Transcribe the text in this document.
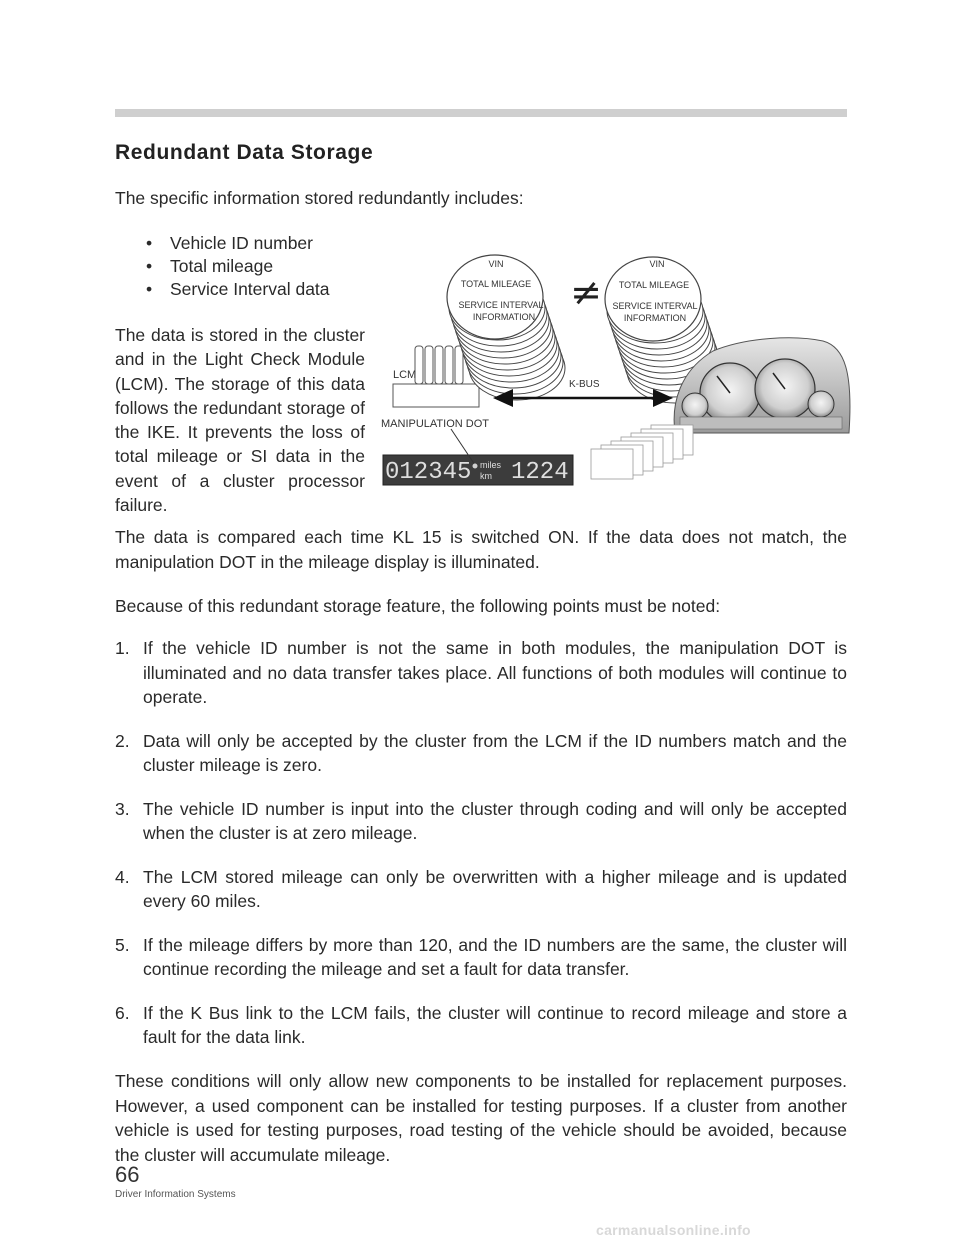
Redundant Data Storage

The specific information stored redundantly includes:

• Vehicle ID number
• Total mileage
• Service Interval data

The data is stored in the cluster and in the Light Check Module (LCM). The storage of this data follows the redundant storage of the IKE. It prevents the loss of total mileage or SI data in the event of a cluster processor failure.

VIN
TOTAL MILEAGE
SERVICE INTERVAL
INFORMATION
≠
VIN
TOTAL MILEAGE
SERVICE INTERVAL
INFORMATION
LCM
K-BUS
MANIPULATION DOT
012345 miles
km 1224

The data is compared each time KL 15 is switched ON. If the data does not match, the manipulation DOT in the mileage display is illuminated.

Because of this redundant storage feature, the following points must be noted:

1. If the vehicle ID number is not the same in both modules, the manipulation DOT is illuminated and no data transfer takes place. All functions of both modules will continue to operate.
2. Data will only be accepted by the cluster from the LCM if the ID numbers match and the cluster mileage is zero.
3. The vehicle ID number is input into the cluster through coding and will only be accepted when the cluster is at zero mileage.
4. The LCM stored mileage can only be overwritten with a higher mileage and is updated every 60 miles.
5. If the mileage differs by more than 120, and the ID numbers are the same, the cluster will continue recording the mileage and set a fault for data transfer.
6. If the K Bus link to the LCM fails, the cluster will continue to record mileage and store a fault for the data link.

These conditions will only allow new components to be installed for replacement purposes. However, a used component can be installed for testing purposes. If a cluster from another vehicle is used for testing purposes, road testing of the vehicle should be avoided, because the cluster will accumulate mileage.

66
Driver Information Systems
carmanualsonline.info
